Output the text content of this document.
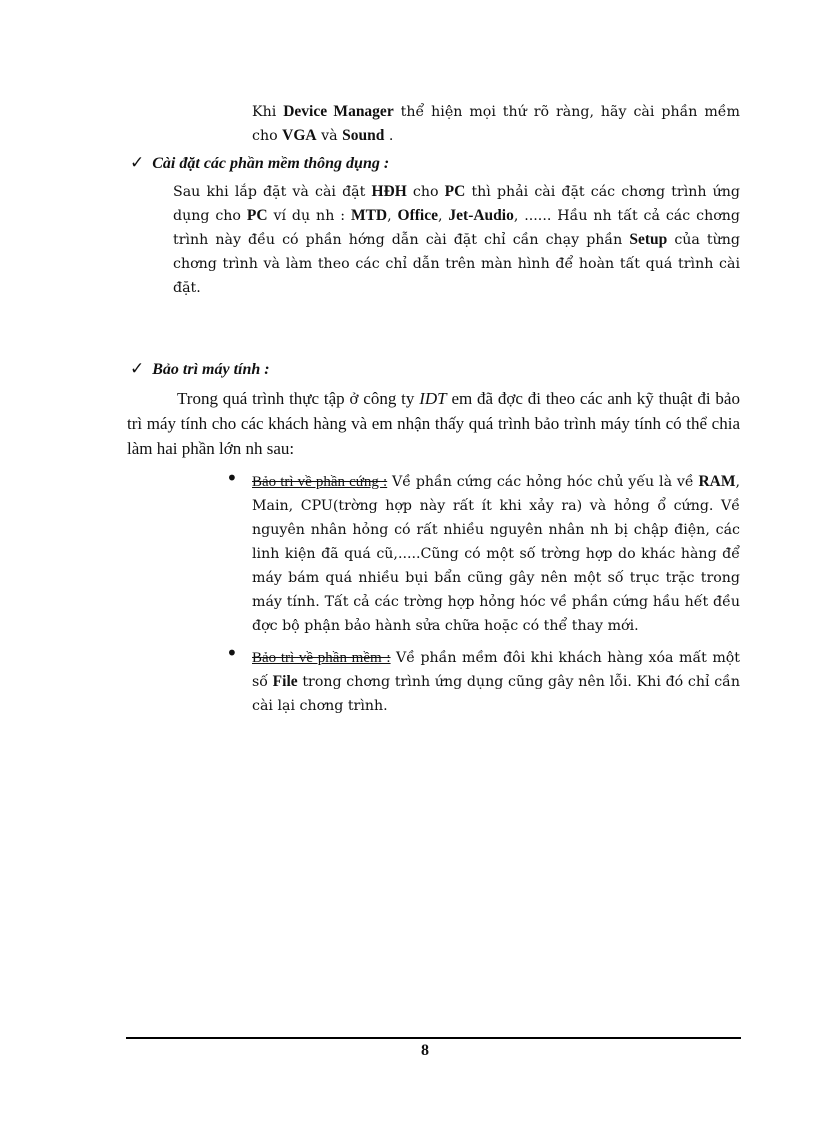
Khi Device Manager thể hiện mọi thứ rõ ràng, hãy cài phần mềm cho VGA và Sound .

✓ Cài đặt các phần mềm thông dụng :

Sau khi lắp đặt và cài đặt HĐH cho PC thì phải cài đặt các chơng trình ứng dụng cho PC ví dụ nh : MTD, Office, Jet-Audio, ...... Hầu nh tất cả các chơng trình này đều có phần hớng dẫn cài đặt chỉ cần chạy phần Setup của từng chơng trình và làm theo các chỉ dẫn trên màn hình để hoàn tất quá trình cài đặt.

✓ Bảo trì máy tính :

Trong quá trình thực tập ở công ty IDT em đã đợc đi theo các anh kỹ thuật đi bảo trì máy tính cho các khách hàng và em nhận thấy quá trình bảo trình máy tính có thể chia làm hai phần lớn nh sau:

• Bảo trì về phần cứng : Về phần cứng các hỏng hóc chủ yếu là về RAM, Main, CPU(trờng hợp này rất ít khi xảy ra) và hỏng ổ cứng. Về nguyên nhân hỏng có rất nhiều nguyên nhân nh bị chập điện, các linh kiện đã quá cũ,.....Cũng có một số trờng hợp do khác hàng để máy bám quá nhiều bụi bẩn cũng gây nên một số trục trặc trong máy tính. Tất cả các trờng hợp hỏng hóc về phần cứng hầu hết đều đợc bộ phận bảo hành sửa chữa hoặc có thể thay mới.

• Bảo trì về phần mềm : Về phần mềm đôi khi khách hàng xóa mất một số File trong chơng trình ứng dụng cũng gây nên lỗi. Khi đó chỉ cần cài lại chơng trình.

8
